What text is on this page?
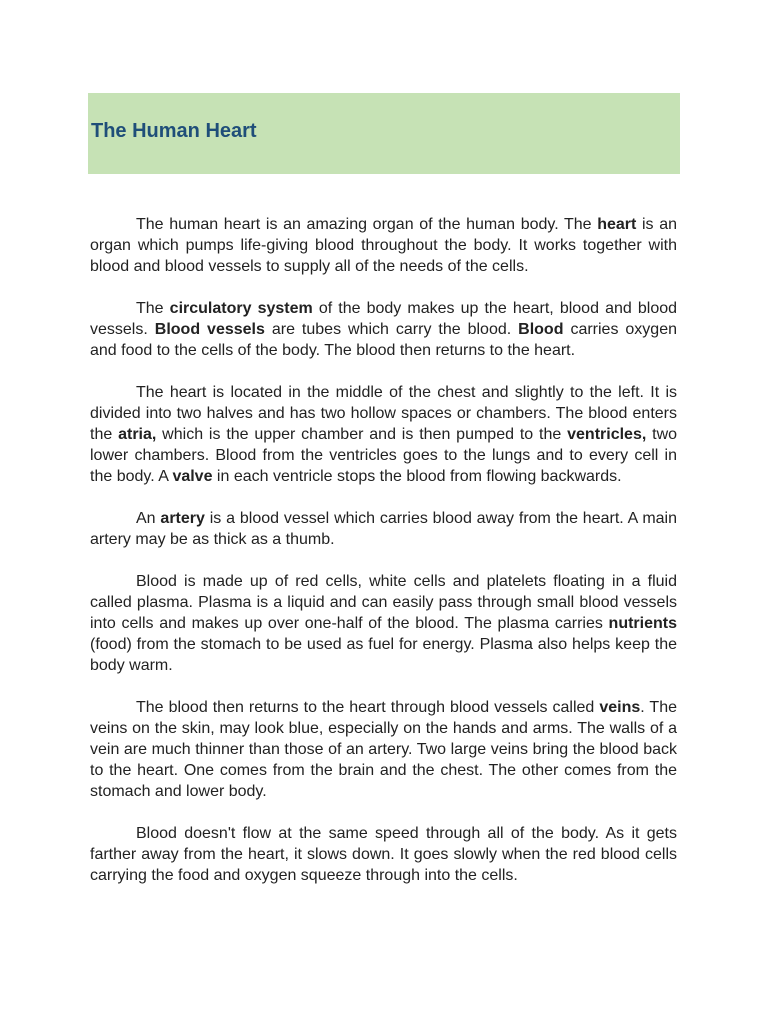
The Human Heart

The human heart is an amazing organ of the human body. The heart is an organ which pumps life-giving blood throughout the body. It works together with blood and blood vessels to supply all of the needs of the cells.

The circulatory system of the body makes up the heart, blood and blood vessels. Blood vessels are tubes which carry the blood. Blood carries oxygen and food to the cells of the body. The blood then returns to the heart.

The heart is located in the middle of the chest and slightly to the left. It is divided into two halves and has two hollow spaces or chambers. The blood enters the atria, which is the upper chamber and is then pumped to the ventricles, two lower chambers. Blood from the ventricles goes to the lungs and to every cell in the body. A valve in each ventricle stops the blood from flowing backwards.

An artery is a blood vessel which carries blood away from the heart. A main artery may be as thick as a thumb.

Blood is made up of red cells, white cells and platelets floating in a fluid called plasma. Plasma is a liquid and can easily pass through small blood vessels into cells and makes up over one-half of the blood. The plasma carries nutrients (food) from the stomach to be used as fuel for energy. Plasma also helps keep the body warm.

The blood then returns to the heart through blood vessels called veins. The veins on the skin, may look blue, especially on the hands and arms. The walls of a vein are much thinner than those of an artery. Two large veins bring the blood back to the heart. One comes from the brain and the chest. The other comes from the stomach and lower body.

Blood doesn't flow at the same speed through all of the body. As it gets farther away from the heart, it slows down. It goes slowly when the red blood cells carrying the food and oxygen squeeze through into the cells.
